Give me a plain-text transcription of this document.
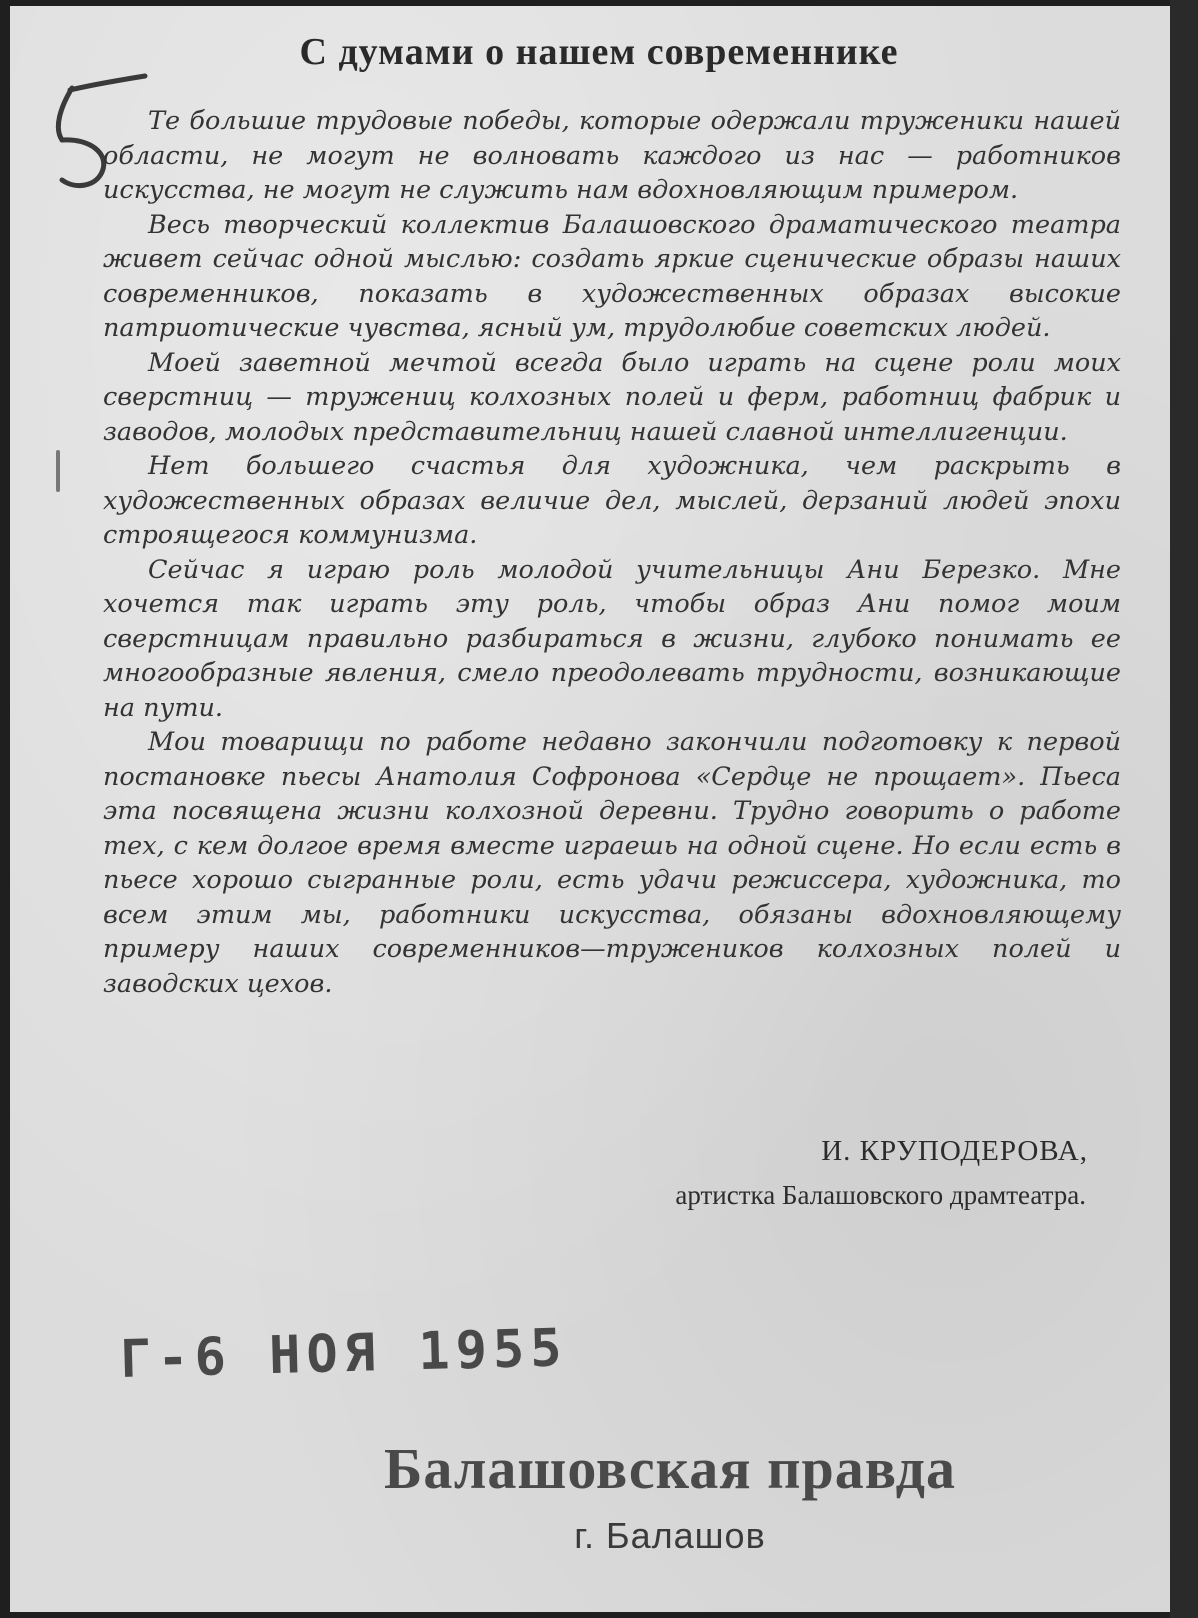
С думами о нашем современнике

Те большие трудовые победы, которые одержали труженики нашей области, не могут не волновать каждого из нас — работников искусства, не могут не служить нам вдохновляющим примером.

Весь творческий коллектив Балашовского драматического театра живет сейчас одной мыслью: создать яркие сценические образы наших современников, показать в художественных образах высокие патриотические чувства, ясный ум, трудолюбие советских людей.

Моей заветной мечтой всегда было играть на сцене роли моих сверстниц — тружениц колхозных полей и ферм, работниц фабрик и заводов, молодых представительниц нашей славной интеллигенции.

Нет большего счастья для художника, чем раскрыть в художественных образах величие дел, мыслей, дерзаний людей эпохи строящегося коммунизма.

Сейчас я играю роль молодой учительницы Ани Березко. Мне хочется так играть эту роль, чтобы образ Ани помог моим сверстницам правильно разбираться в жизни, глубоко понимать ее многообразные явления, смело преодолевать трудности, возникающие на пути.

Мои товарищи по работе недавно закончили подготовку к первой постановке пьесы Анатолия Софронова «Сердце не прощает». Пьеса эта посвящена жизни колхозной деревни. Трудно говорить о работе тех, с кем долгое время вместе играешь на одной сцене. Но если есть в пьесе хорошо сыгранные роли, есть удачи режиссера, художника, то всем этим мы, работники искусства, обязаны вдохновляющему примеру наших современников—тружеников колхозных полей и заводских цехов.

И. КРУПОДЕРОВА,

артистка Балашовского драмтеатра.

Г-6 НОЯ 1955

Балашовская правда

г. Балашов
